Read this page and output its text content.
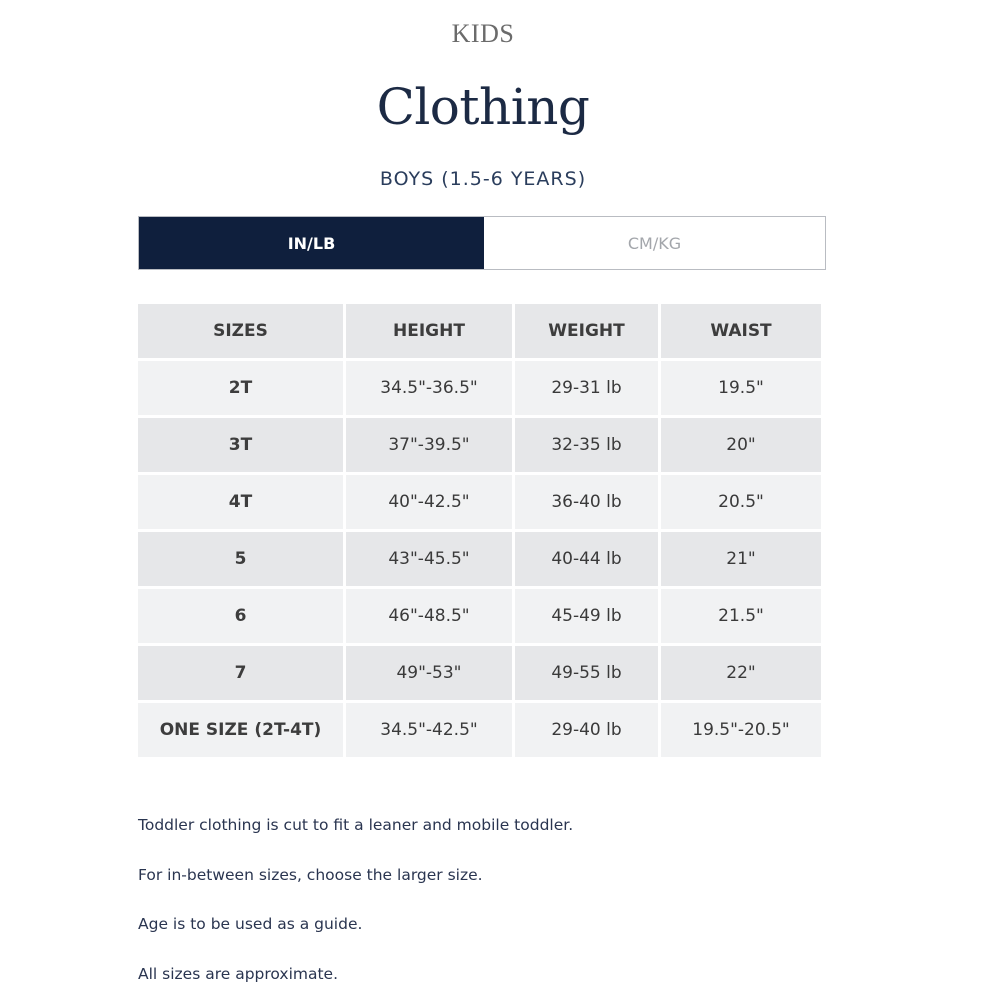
KIDS
Clothing
BOYS (1.5-6 YEARS)
IN/LB	CM/KG
SIZES	HEIGHT	WEIGHT	WAIST
2T	34.5"-36.5"	29-31 lb	19.5"
3T	37"-39.5"	32-35 lb	20"
4T	40"-42.5"	36-40 lb	20.5"
5	43"-45.5"	40-44 lb	21"
6	46"-48.5"	45-49 lb	21.5"
7	49"-53"	49-55 lb	22"
ONE SIZE (2T-4T)	34.5"-42.5"	29-40 lb	19.5"-20.5"

Toddler clothing is cut to fit a leaner and mobile toddler.

For in-between sizes, choose the larger size.

Age is to be used as a guide.

All sizes are approximate.
